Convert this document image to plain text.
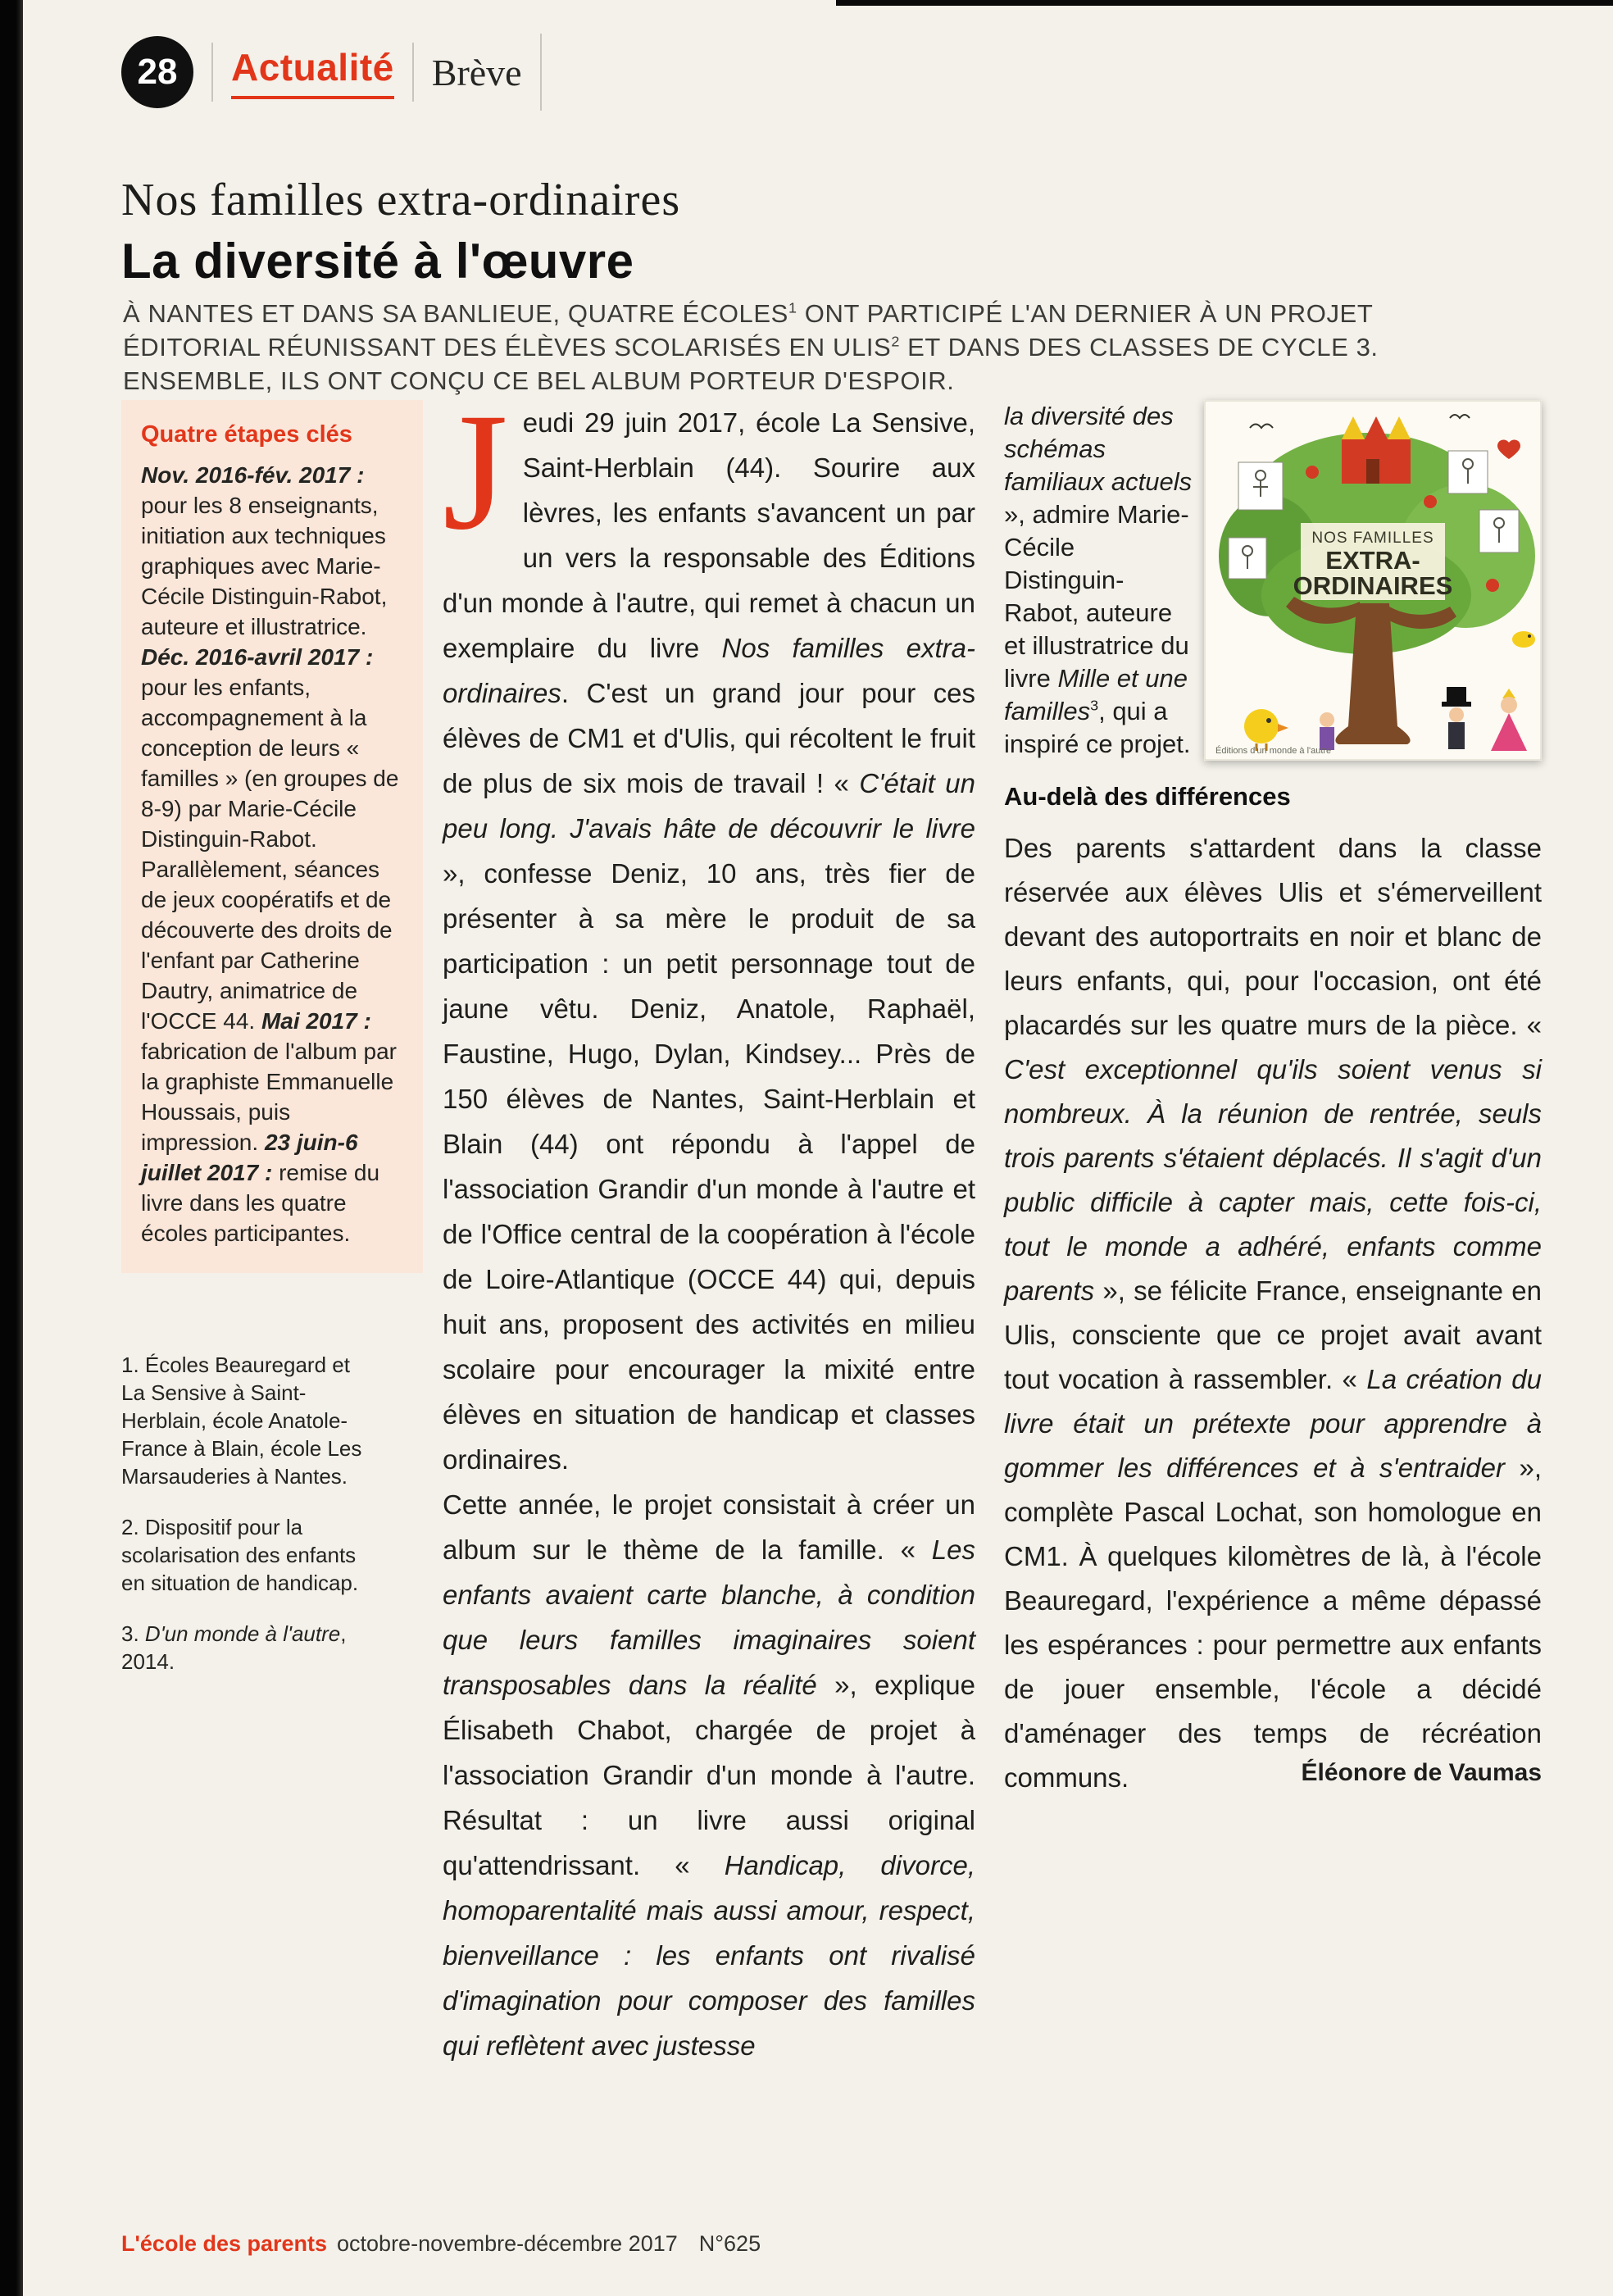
28	Actualité Brève
Nos familles extra-ordinaires
La diversité à l'œuvre

À NANTES ET DANS SA BANLIEUE, QUATRE ÉCOLES$^1$ ONT PARTICIPÉ L'AN DERNIER À UN PROJET ÉDITORIAL RÉUNISSANT DES ÉLÈVES SCOLARISÉS EN ULIS$^2$ ET DANS DES CLASSES DE CYCLE 3. ENSEMBLE, ILS ONT CONÇU CE BEL ALBUM PORTEUR D'ESPOIR.

Quatre étapes clés

Nov. 2016-fév. 2017 : pour les 8 enseignants, initiation aux techniques graphiques avec Marie-Cécile Distinguin-Rabot, auteure et illustratrice. Déc. 2016-avril 2017 : pour les enfants, accompagnement à la conception de leurs « familles » (en groupes de 8-9) par Marie-Cécile Distinguin-Rabot. Parallèlement, séances de jeux coopératifs et de découverte des droits de l'enfant par Catherine Dautry, animatrice de l'OCCE 44. Mai 2017 : fabrication de l'album par la graphiste Emmanuelle Houssais, puis impression. 23 juin-6 juillet 2017 : remise du livre dans les quatre écoles participantes.

1. Écoles Beauregard et La Sensive à Saint-Herblain, école Anatole-France à Blain, école Les Marsauderies à Nantes.

2. Dispositif pour la scolarisation des enfants en situation de handicap.

3. D'un monde à l'autre, 2014.

Jeudi 29 juin 2017, école La Sensive, Saint-Herblain (44). Sourire aux lèvres, les enfants s'avancent un par un vers la responsable des Éditions d'un monde à l'autre, qui remet à chacun un exemplaire du livre Nos familles extra-ordinaires. C'est un grand jour pour ces élèves de CM1 et d'Ulis, qui récoltent le fruit de plus de six mois de travail ! « C'était un peu long. J'avais hâte de découvrir le livre », confesse Deniz, 10 ans, très fier de présenter à sa mère le produit de sa participation : un petit personnage tout de jaune vêtu. Deniz, Anatole, Raphaël, Faustine, Hugo, Dylan, Kindsey... Près de 150 élèves de Nantes, Saint-Herblain et Blain (44) ont répondu à l'appel de l'association Grandir d'un monde à l'autre et de l'Office central de la coopération à l'école de Loire-Atlantique (OCCE 44) qui, depuis huit ans, proposent des activités en milieu scolaire pour encourager la mixité entre élèves en situation de handicap et classes ordinaires.

Cette année, le projet consistait à créer un album sur le thème de la famille. « Les enfants avaient carte blanche, à condition que leurs familles imaginaires soient transposables dans la réalité », explique Élisabeth Chabot, chargée de projet à l'association Grandir d'un monde à l'autre. Résultat : un livre aussi original qu'attendrissant. « Handicap, divorce, homoparentalité mais aussi amour, respect, bienveillance : les enfants ont rivalisé d'imagination pour composer des familles qui reflètent avec justesse

la diversité des schémas familiaux actuels », admire Marie-Cécile Distinguin-Rabot, auteure et illustratrice du livre Mille et une familles$^3$, qui a inspiré ce projet.

NOS FAMILLES
EXTRA-
ORDINAIRES
Éditions d'un monde à l'autre
Au-delà des différences

Des parents s'attardent dans la classe réservée aux élèves Ulis et s'émerveillent devant des autoportraits en noir et blanc de leurs enfants, qui, pour l'occasion, ont été placardés sur les quatre murs de la pièce. « C'est exceptionnel qu'ils soient venus si nombreux. À la réunion de rentrée, seuls trois parents s'étaient déplacés. Il s'agit d'un public difficile à capter mais, cette fois-ci, tout le monde a adhéré, enfants comme parents », se félicite France, enseignante en Ulis, consciente que ce projet avait avant tout vocation à rassembler. « La création du livre était un prétexte pour apprendre à gommer les différences et à s'entraider », complète Pascal Lochat, son homologue en CM1. À quelques kilomètres de là, à l'école Beauregard, l'expérience a même dépassé les espérances : pour permettre aux enfants de jouer ensemble, l'école a décidé d'aménager des temps de récréation communs.	Éléonore de Vaumas

L'école des parents octobre-novembre-décembre 2017 N°625
